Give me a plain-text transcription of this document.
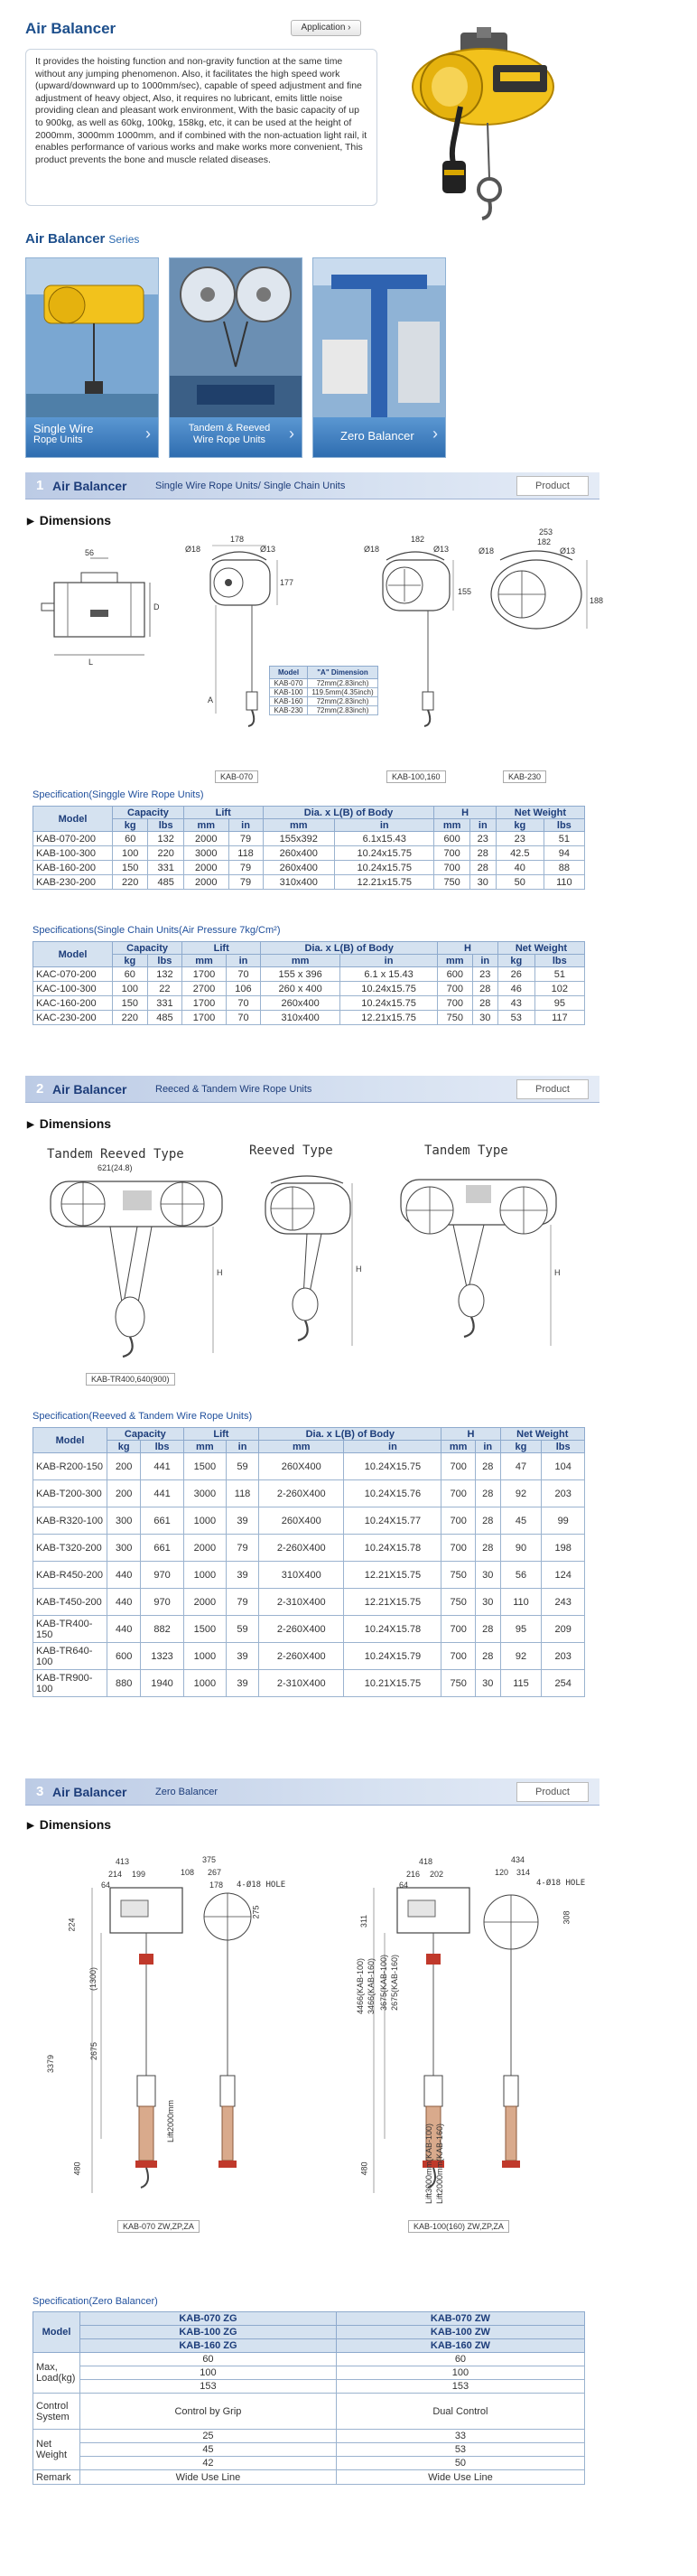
Air Balancer	Application ›
It provides the hoisting function and non-gravity function at the same time without any jumping phenomenon. Also, it facilitates the high speed work (upward/downward up to 1000mm/sec), capable of speed adjustment and fine adjustment of heavy object, Also, it requires no lubricant, emits little noise providing clean and pleasant work environment, With the basic capacity of up to 900kg, as well as 60kg, 100kg, 158kg, etc, it can be used at the height of 2000mm, 3000mm 1000mm, and if combined with the non-actuation light rail, it enables performance of various works and make works more convenient, This product prevents the bone and muscle related diseases.
Air Balancer Series
Single Wire
Rope Units	›	Tandem & Reeved
Wire Rope Units	›	Zero Balancer	›
1 Air Balancer	Single Wire Rope Units/ Single Chain Units	Product
▶ Dimensions
56
D
L
178
Ø18	Ø13
177
A
Model	"A" Dimension
KAB-070	72mm(2.83inch)
KAB-100	119.5mm(4.35inch)
KAB-160	72mm(2.83inch)
KAB-230	72mm(2.83inch)
182
Ø18	Ø13
155
253
182
Ø18	Ø13
188
KAB-070	KAB-100,160	KAB-230
Specification(Singgle Wire Rope Units)
Model	Capacity		Lift		Dia. x L(B) of Body		H		Net Weight	
	kg	lbs	mm	in	mm	in	mm	in	kg	lbs
KAB-070-200	60	132	2000	79	155x392	6.1x15.43	600	23	23	51
KAB-100-300	100	220	3000	118	260x400	10.24x15.75	700	28	42.5	94
KAB-160-200	150	331	2000	79	260x400	10.24x15.75	700	28	40	88
KAB-230-200	220	485	2000	79	310x400	12.21x15.75	750	30	50	110
Specifications(Single Chain Units(Air Pressure 7kg/Cm²)
Model	Capacity		Lift		Dia. x L(B) of Body		H		Net Weight	
	kg	lbs	mm	in	mm	in	mm	in	kg	lbs
KAC-070-200	60	132	1700	70	155 x 396	6.1 x 15.43	600	23	26	51
KAC-100-300	100	22	2700	106	260 x 400	10.24x15.75	700	28	46	102
KAC-160-200	150	331	1700	70	260x400	10.24x15.75	700	28	43	95
KAC-230-200	220	485	1700	70	310x400	12.21x15.75	750	30	53	117
2 Air Balancer	Reeced & Tandem Wire Rope Units	Product
▶ Dimensions
Tandem Reeved Type	Reeved Type	Tandem Type
621(24.8)
H	H	H
KAB-TR400,640(900)
Specification(Reeved & Tandem Wire Rope Units)
Model	Capacity		Lift		Dia. x L(B) of Body		H		Net Weight	
	kg	lbs	mm	in	mm	in	mm	in	kg	lbs
KAB-R200-150	200	441	1500	59	260X400	10.24X15.75	700	28	47	104
KAB-T200-300	200	441	3000	118	2-260X400	10.24X15.76	700	28	92	203
KAB-R320-100	300	661	1000	39	260X400	10.24X15.77	700	28	45	99
KAB-T320-200	300	661	2000	79	2-260X400	10.24X15.78	700	28	90	198
KAB-R450-200	440	970	1000	39	310X400	12.21X15.75	750	30	56	124
KAB-T450-200	440	970	2000	79	2-310X400	12.21X15.75	750	30	110	243
KAB-TR400-150	440	882	1500	59	2-260X400	10.24X15.78	700	28	95	209
KAB-TR640-100	600	1323	1000	39	2-260X400	10.24X15.79	700	28	92	203
KAB-TR900-100	880	1940	1000	39	2-310X400	10.21X15.75	750	30	115	254
3 Air Balancer	Zero Balancer	Product
▶ Dimensions
413
214 199
64
375
108 267
178 4-Ø18 HOLE
275
224
(1300)
2675
3379
480
Lift2000mm
418
216 202
64
434
120 314
4-Ø18 HOLE
308
311
4466(KAB-100) 3466(KAB-160) 3675(KAB-100) 2675(KAB-160)
480	Lift3000mm(KAB-100) Lift2000mm(KAB-160)
KAB-070 ZW,ZP,ZA	KAB-100(160) ZW,ZP,ZA
Specification(Zero Balancer)
Model	KAB-070 ZG	KAB-070 ZW
	KAB-100 ZG	KAB-100 ZW
	KAB-160 ZG	KAB-160 ZW
Max, Load(kg)	60	60
	100	100
	153	153
Control System	Control by Grip	Dual Control
Net Weight	25	33
	45	53
	42	50
Remark	Wide Use Line	Wide Use Line
